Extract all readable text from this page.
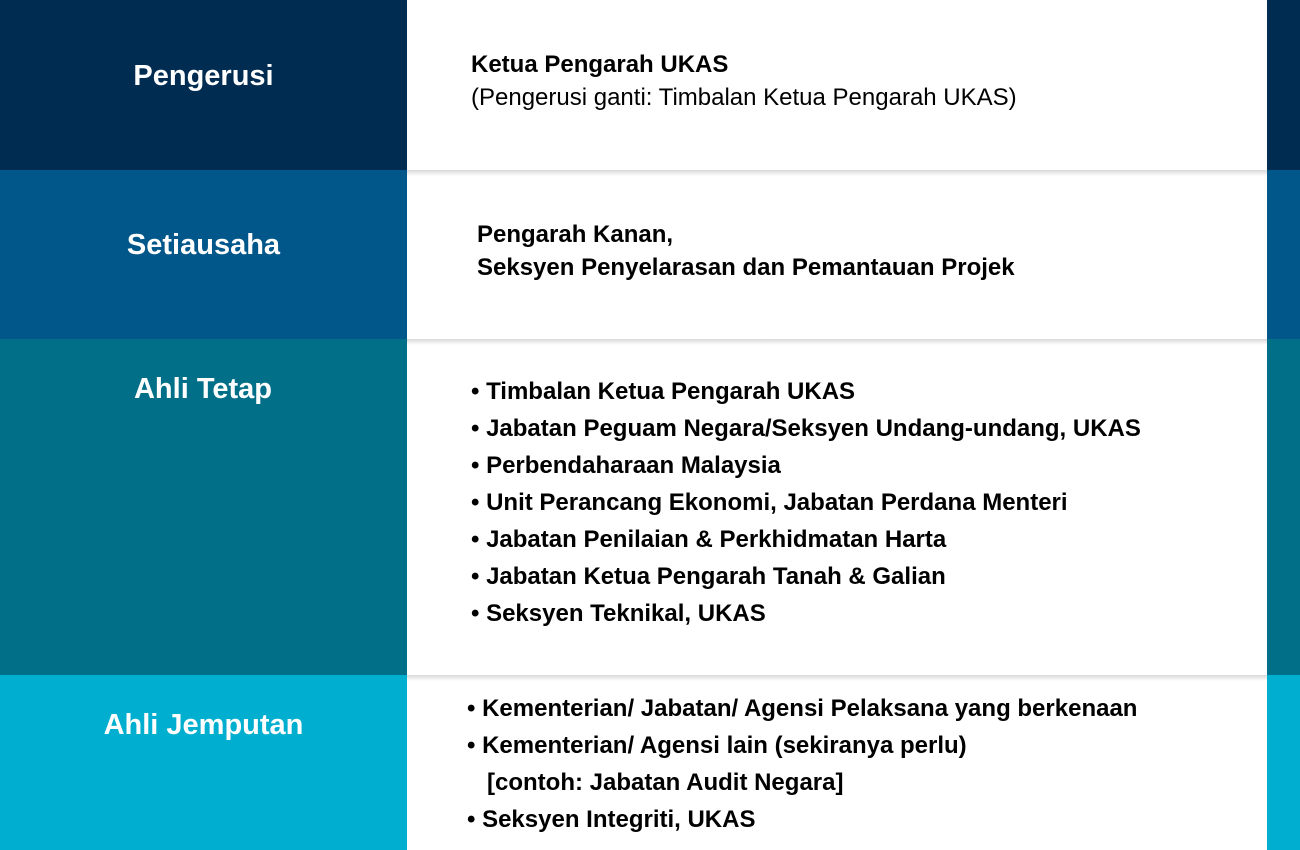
Pengerusi	Ketua Pengarah UKAS
(Pengerusi ganti: Timbalan Ketua Pengarah UKAS)
Setiausaha	Pengarah Kanan,
Seksyen Penyelarasan dan Pemantauan Projek
Ahli Tetap	• Timbalan Ketua Pengarah UKAS
• Jabatan Peguam Negara/Seksyen Undang-undang, UKAS
• Perbendaharaan Malaysia
• Unit Perancang Ekonomi, Jabatan Perdana Menteri
• Jabatan Penilaian & Perkhidmatan Harta
• Jabatan Ketua Pengarah Tanah & Galian
• Seksyen Teknikal, UKAS
Ahli Jemputan
• Kementerian/ Jabatan/ Agensi Pelaksana yang berkenaan
• Kementerian/ Agensi lain (sekiranya perlu)
[contoh: Jabatan Audit Negara]
• Seksyen Integriti, UKAS
